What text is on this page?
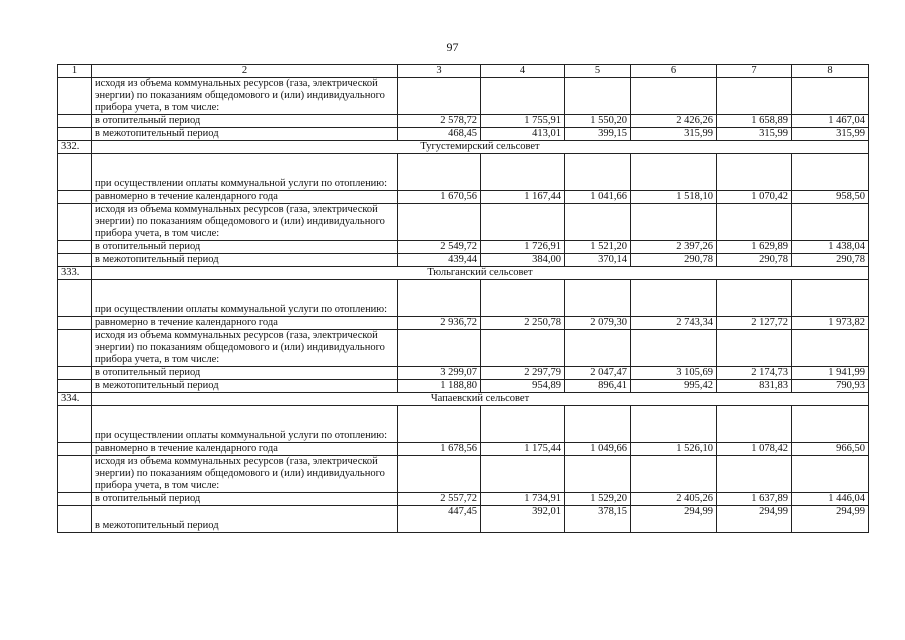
97
1	2	3	4	5	6	7	8
	исходя из объема коммунальных ресурсов (газа, электрической энергии) по показаниям общедомового и (или) индивидуального прибора учета, в том числе:						
	в отопительный период	2 578,72	1 755,91	1 550,20	2 426,26	1 658,89	1 467,04
	в межотопительный период	468,45	413,01	399,15	315,99	315,99	315,99
332.	Тугустемирский сельсовет						
	при осуществлении оплаты коммунальной услуги по отоплению:						
	равномерно в течение календарного года	1 670,56	1 167,44	1 041,66	1 518,10	1 070,42	958,50
	исходя из объема коммунальных ресурсов (газа, электрической энергии) по показаниям общедомового и (или) индивидуального прибора учета, в том числе:						
	в отопительный период	2 549,72	1 726,91	1 521,20	2 397,26	1 629,89	1 438,04
	в межотопительный период	439,44	384,00	370,14	290,78	290,78	290,78
333.	Тюльганский сельсовет						
	при осуществлении оплаты коммунальной услуги по отоплению:						
	равномерно в течение календарного года	2 936,72	2 250,78	2 079,30	2 743,34	2 127,72	1 973,82
	исходя из объема коммунальных ресурсов (газа, электрической энергии) по показаниям общедомового и (или) индивидуального прибора учета, в том числе:						
	в отопительный период	3 299,07	2 297,79	2 047,47	3 105,69	2 174,73	1 941,99
	в межотопительный период	1 188,80	954,89	896,41	995,42	831,83	790,93
334.	Чапаевский сельсовет						
	при осуществлении оплаты коммунальной услуги по отоплению:						
	равномерно в течение календарного года	1 678,56	1 175,44	1 049,66	1 526,10	1 078,42	966,50
	исходя из объема коммунальных ресурсов (газа, электрической энергии) по показаниям общедомового и (или) индивидуального прибора учета, в том числе:						
	в отопительный период	2 557,72	1 734,91	1 529,20	2 405,26	1 637,89	1 446,04
	в межотопительный период	447,45	392,01	378,15	294,99	294,99	294,99
